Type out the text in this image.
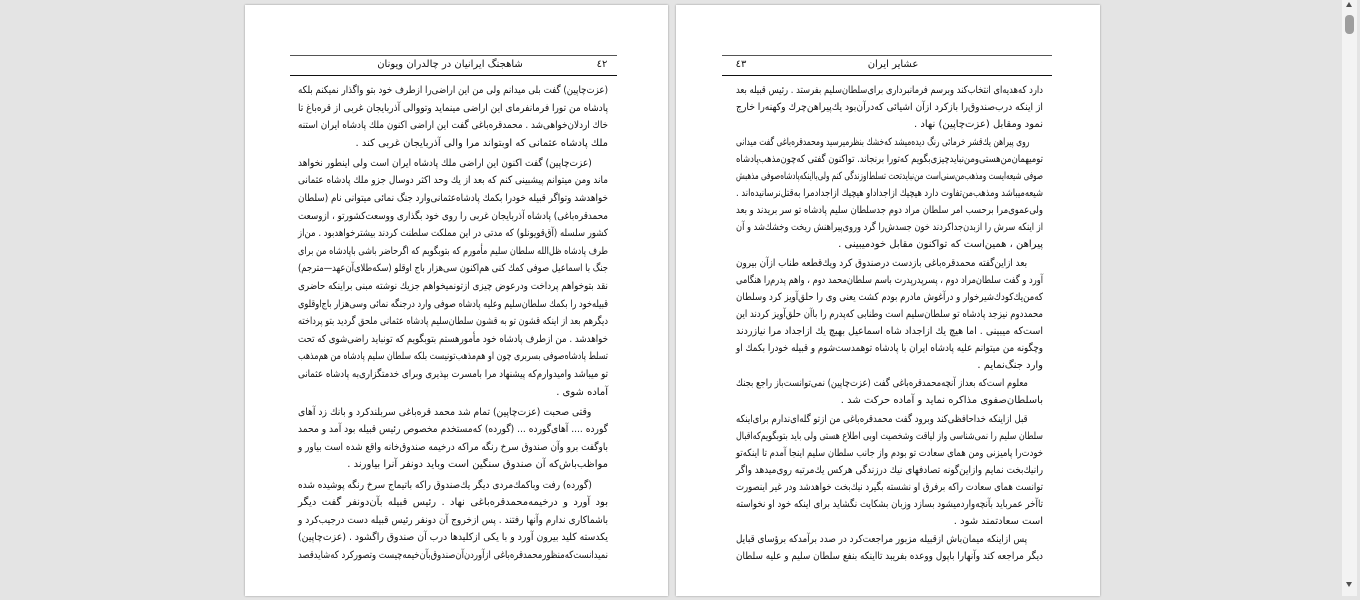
شاهجنگ ایرانیان در چالدران ویونان	٤٢
(عزت‌چاپین) گفت بلی میدانم ولی من این اراضی‌را ازطرف خود بتو واگذار نمیکنم بلکه
پادشاه من تورا فرمانفرمای این اراضی مینماید وتووالی آذربایجان غربی از قره‌باغ تا
خاك اردلان‌خواهی‌شد . محمدقره‌باغی گفت این اراضی اکنون ملك پادشاه ایران استنه
ملك پادشاه عثمانی که اوبتواند مرا والی آذربایجان غربی کند .
(عزت‌چاپین) گفت اکنون این اراضی ملك پادشاه ایران است ولی اینطور نخواهد
ماند ومن میتوانم پیشبینی کنم که بعد از یك وحد اکثر دوسال جزو ملك پادشاه عثمانی
خواهدشد وتواگر قبیله خودرا بکمك پادشاه‌عثمانی‌وارد جنگ نمائی میتوانی نام (سلطان
محمدقره‌باغی) پادشاه آذربایجان غربی را روی خود بگذاری ووسعت‌کشورتو ، ازوسعت
کشور سلسله (آق‌قویونلو) که مدتی در این مملکت سلطنت کردند بیشترخواهدبود . من‌از
طرف پادشاه ظل‌الله سلطان سلیم مأمورم که بتوبگویم که اگرحاضر باشی باپادشاه من برای
جنگ با اسماعیل صوفی کمك کنی هم‌اکنون سی‌هزار باج اوقلو (سکه‌طلای‌آن‌عهد—مترجم)
نقد بتوخواهم پرداخت ودرعوض چیزی ازتونمیخواهم جزیك نوشته مبنی براینکه حاضری
قبیله‌خود را بکمك سلطان‌سلیم وعلیه پادشاه صوفی وارد درجنگه نمائی وسی‌هزار باج‌اوقلوی
دیگرهم بعد از اینکه قشون تو به قشون سلطان‌سلیم پادشاه عثمانی ملحق گردید بتو پرداخته
خواهدشد . من ازطرف پادشاه خود مأمورهستم بتوبگویم که تونباید راضی‌شوی که تحت
تسلط پادشاه‌صوفی بسربری چون او هم‌مذهب‌تونیست بلکه سلطان سلیم پادشاه من هم‌مذهب
تو میباشد وامیدوارم‌که پیشنهاد مرا بامسرت بپذیری وبرای خدمتگزاری‌به پادشاه عثمانی
آماده شوی .
وقتی صحبت (عزت‌چاپین) تمام شد محمد قره‌باغی سربلندکرد و بانك زد آهای
گورده .... آهای‌گورده ... (گورده) که‌مستخدم مخصوص رئیس قبیله بود آمد و محمد
باوگفت برو وآن صندوق سرخ رنگه مراکه درخیمه صندوق‌خانه واقع شده است بیاور و
مواظب‌باش‌که آن صندوق سنگین است وباید دونفر آنرا بیاورند .
(گورده) رفت وباکمك‌مردی دیگر یك‌صندوق راکه باتیماج سرخ رنگه پوشیده شده
بود آورد و درخیمه‌محمدقره‌باغی نهاد . رئیس قبیله بآن‌دونفر گفت دیگر
باشما‌کاری ندارم وآنها رفتند . پس ازخروج آن دونفر رئیس قبیله دست درجیب‌کرد و
یکدسته کلید بیرون آورد و با یکی ازکلیدها درب آن صندوق راگشود . (عزت‌چاپین)
نمیدانست‌که‌منظور‌محمدقره‌باغی ازآوردن‌آن‌صندوق‌بآن‌خیمه‌چیست وتصورکرد که‌شاید‌قصد
٤٣	عشایر ایران
دارد که‌هدیه‌ای انتخاب‌کند وبرسم فرمانبرداری برای‌سلطان‌سلیم بفرستد . رئیس قبیله بعد
از اینکه درب‌صندوق‌را بازکرد ازآن اشیائی که‌درآن‌بود یك‌پیراهن‌چرك وکهنه‌را خارج
نمود ومقابل (عزت‌چاپین) نهاد .
روی پیراهن یك‌قشر خرمائی رنگ دیده‌میشد که‌خشك بنظرمیرسید ومحمدقره‌باغی گفت میدانی
تومیهمان‌من‌هستی‌ومن‌نبایدچیزی‌بگویم که‌تورا برنجاند. تواکنون گفتی که‌چون‌مذهب‌پادشاه
صوفی شیعه‌ایست ومذهب‌من‌سنی‌است من‌نبایدتحت تسلط‌اوزندگی کنم ولی‌بااینکه‌پادشاه‌صوفی مذهبش
شیعه‌میباشد ومذهب‌من‌تفاوت دارد هیچیك ازاجداد‌او هیچیك ازاجداد‌مرا به‌قتل‌نرسانیده‌اند .
ولی‌عموی‌مرا برحسب امر سلطان مراد دوم جدسلطان سلیم پادشاه تو سر بریدند و بعد
از اینکه سرش را ازبدن‌جداکردند خون جسدش‌را گرد وروی‌پیراهنش ریخت وخشك‌شد و آن
پیراهن ، همین‌است که تواکنون مقابل خود‌میبینی .
بعد ازاین‌گفته محمدقره‌باغی بازدست درصندوق کرد ویك‌قطعه طناب ازآن بیرون
آورد و گفت سلطان‌مراد دوم ، پسرپدرپدرت باسم سلطان‌محمد دوم ، واهم پدرم‌را هنگامی
که‌من‌یك‌کودك‌شیرخوار و درآغوش مادرم بودم کشت یعنی وی را حلق‌آویز کرد وسلطان
محمد‌دوم نیزجد پادشاه تو سلطان‌سلیم است وطنابی که‌پدرم را باآن حلق‌آویز کردند این
است‌که میبینی . اما هیچ یك ازاجداد شاه اسماعیل بهیچ یك ازاجداد مرا نیازردند
وچگونه من میتوانم علیه پادشاه ایران با پادشاه توهمدست‌شوم و قبیله خودرا بکمك او
وارد جنگ‌نمایم .
معلوم است‌که بعداز آنچه‌محمدقره‌باغی گفت (عزت‌چاپین) نمی‌توانست‌باز راجع بجنك
باسلطان‌صفوی مذاکره نماید و آماده حرکت شد .
قبل ازاینکه خداحافظی‌کند وبرود گفت محمدقره‌باغی من ازتو گله‌ای‌ندارم برای‌اینکه
سلطان سلیم را نمی‌شناسی واز لیاقت وشخصیت اوبی اطلاع هستی ولی باید بتوبگویم‌که‌اقبال
خودت‌را پامیزنی ومن همای سعادت تو بودم واز جانب سلطان سلیم اینجا آمدم تا اینکه‌تو
رانیك‌بخت نمایم وازاین‌گونه تصادفهای نیك درزندگی هرکس یك‌مرتبه روی‌میدهد واگر
توانست همای سعادت راکه برفرق او نشسته بگیرد نیك‌بخت خواهدشد ودر غیر اینصورت
تاآخر عمربايد بآنچه‌واردمیشود بسازد وزبان بشکایت نگشاید برای اینکه خود او نخواسته
است سعادتمند شود .
پس ازاینکه میمان‌باش ازقبیله مزبور مراجعت‌کرد در صدد برآمدکه برؤسای قبایل
دیگر مراجعه کند وآنهارا باپول ووعده بفریبد تااینکه بنفع سلطان سلیم و علیه سلطان
